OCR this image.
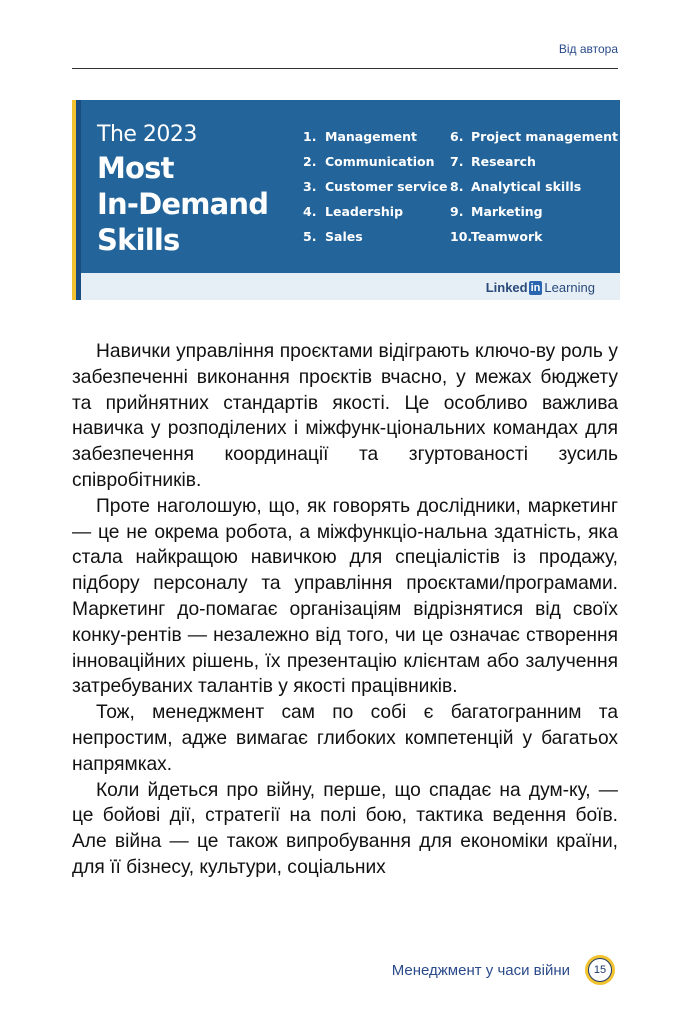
Від автора
The 2023
Most
In-Demand
Skills
1. Management
2. Communication
3. Customer service
4. Leadership
5. Sales
6. Project management
7. Research
8. Analytical skills
9. Marketing
10.Teamwork
Linked in Learning

Навички управління проєктами відіграють ключо-ву роль у забезпеченні виконання проєктів вчасно, у межах бюджету та прийнятних стандартів якості. Це особливо важлива навичка у розподілених і міжфунк-ціональних командах для забезпечення координації та згуртованості зусиль співробітників.

Проте наголошую, що, як говорять дослідники, маркетинг — це не окрема робота, а міжфункціо-нальна здатність, яка стала найкращою навичкою для спеціалістів із продажу, підбору персоналу та управління проєктами/програмами. Маркетинг до-помагає організаціям відрізнятися від своїх конку-рентів — незалежно від того, чи це означає створення інноваційних рішень, їх презентацію клієнтам або залучення затребуваних талантів у якості працівників.

Тож, менеджмент сам по собі є багатогранним та непростим, адже вимагає глибоких компетенцій у багатьох напрямках.

Коли йдеться про війну, перше, що спадає на дум-ку, — це бойові дії, стратегії на полі бою, тактика ведення боїв. Але війна — це також випробування для економіки країни, для її бізнесу, культури, соціальних

Менеджмент у часи війни	15
